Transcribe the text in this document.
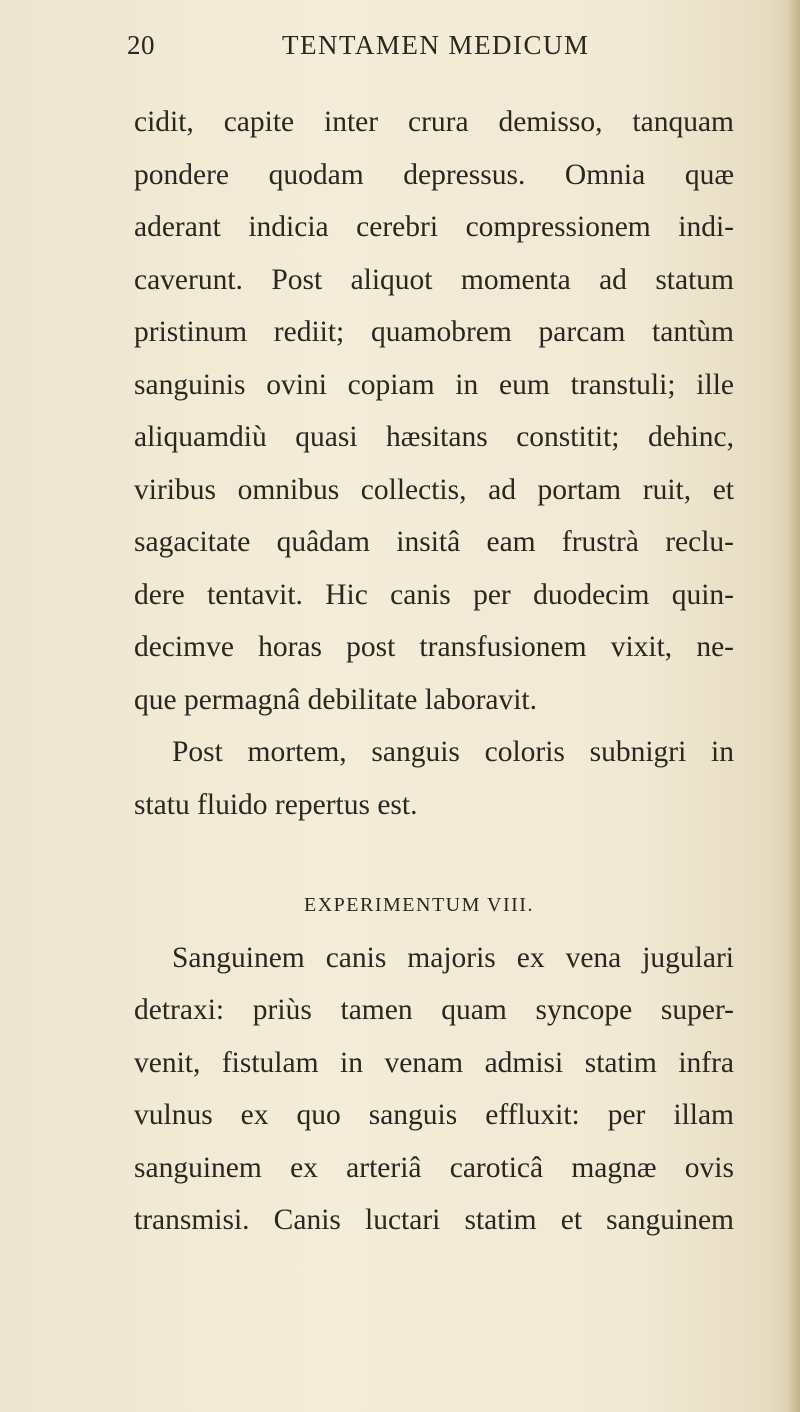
20	TENTAMEN MEDICUM
cidit, capite inter crura demisso, tanquam
pondere quodam depressus. Omnia quæ
aderant indicia cerebri compressionem indi-
caverunt. Post aliquot momenta ad statum
pristinum rediit; quamobrem parcam tantùm
sanguinis ovini copiam in eum transtuli; ille
aliquamdiù quasi hæsitans constitit; dehinc,
viribus omnibus collectis, ad portam ruit, et
sagacitate quâdam insitâ eam frustrà reclu-
dere tentavit. Hic canis per duodecim quin-
decimve horas post transfusionem vixit, ne-
que permagnâ debilitate laboravit.
Post mortem, sanguis coloris subnigri in
statu fluido repertus est.
EXPERIMENTUM VIII.
Sanguinem canis majoris ex vena jugulari
detraxi: priùs tamen quam syncope super-
venit, fistulam in venam admisi statim infra
vulnus ex quo sanguis effluxit: per illam
sanguinem ex arteriâ caroticâ magnæ ovis
transmisi. Canis luctari statim et sanguinem
